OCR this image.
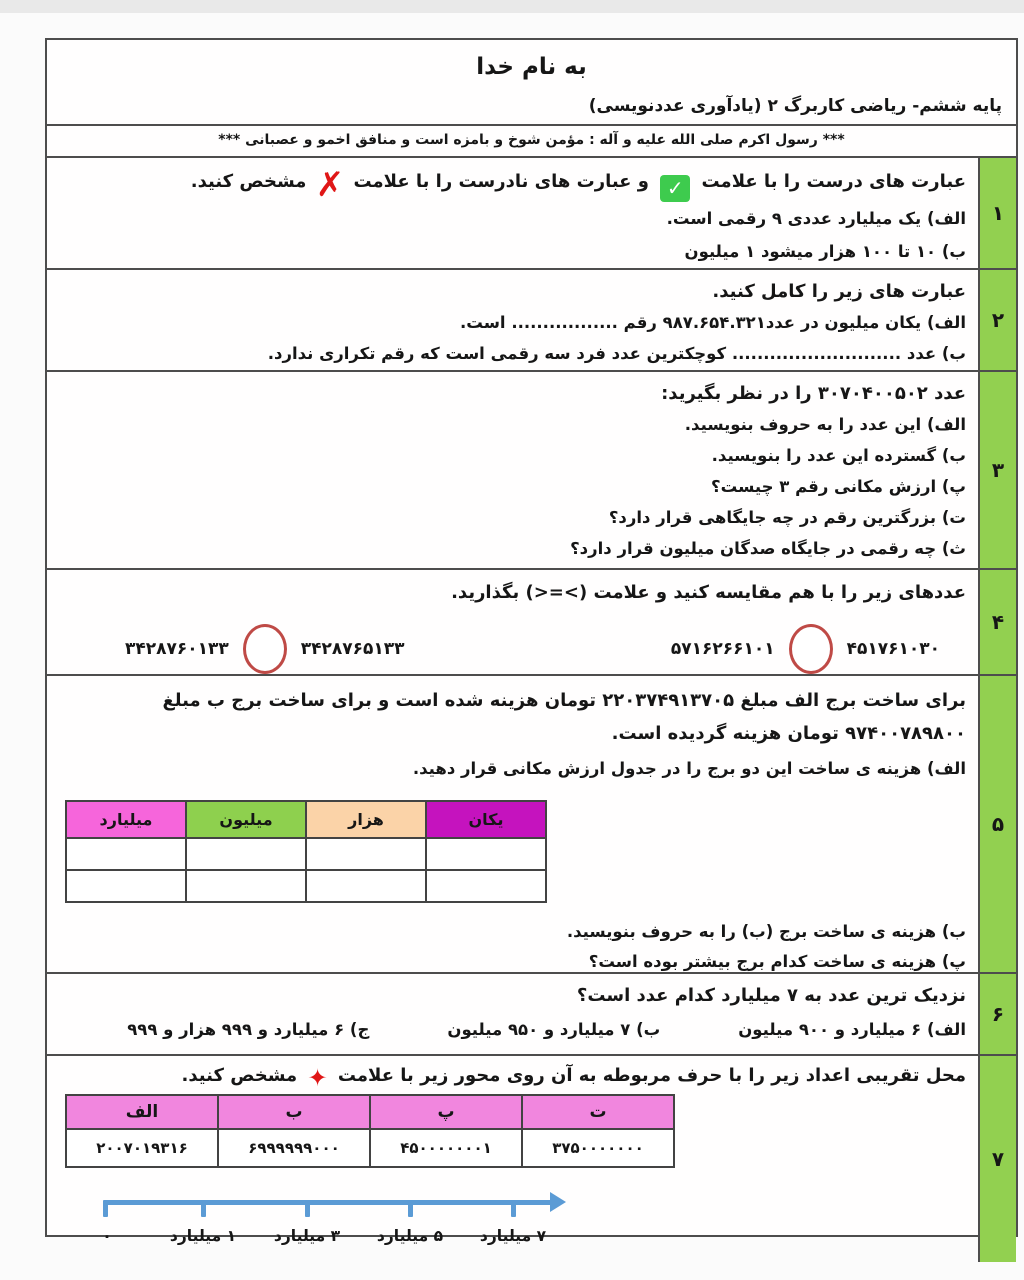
به نام خدا
پایه ششم- ریاضی کاربرگ ۲ (یادآوری عددنویسی)
*** رسول اکرم صلی الله علیه و آله : مؤمن شوخ و بامزه است و منافق اخمو و عصبانی ***
۱
عبارت های درست را با علامت ✓ و عبارت های نادرست را با علامت ✗ مشخص کنید.
الف) یک میلیارد عددی ۹ رقمی است.
ب) ۱۰ تا ۱۰۰ هزار میشود ۱ میلیون
۲
عبارت های زیر را کامل کنید.
الف) یکان میلیون در عدد۹۸۷.۶۵۴.۳۲۱ رقم ................. است.
ب) عدد ........................... کوچکترین عدد فرد سه رقمی است که رقم تکراری ندارد.
۳
عدد ۳۰۷۰۴۰۰۵۰۲ را در نظر بگیرید:
الف) این عدد را به حروف بنویسید.
ب) گسترده این عدد را بنویسید.
پ) ارزش مکانی رقم ۳ چیست؟
ت) بزرگترین رقم در چه جایگاهی قرار دارد؟
ث) چه رقمی در جایگاه صدگان میلیون قرار دارد؟
۴
عددهای زیر را با هم مقایسه کنید و علامت (>=<) بگذارید.
۴۵۱۷۶۱۰۳۰
۵۷۱۶۲۶۶۱۰۱
۳۴۲۸۷۶۵۱۳۳
۳۴۲۸۷۶۰۱۳۳
۵
برای ساخت برج الف مبلغ ۲۲۰۳۷۴۹۱۳۷۰۵ تومان هزینه شده است و برای ساخت برج ب مبلغ ۹۷۴۰۰۷۸۹۸۰۰ تومان هزینه گردیده است.
الف) هزینه ی ساخت این دو برج را در جدول ارزش مکانی قرار دهید.
یکان	هزار	میلیون	میلیارد

ب) هزینه ی ساخت برج (ب) را به حروف بنویسید.
پ) هزینه ی ساخت کدام برج بیشتر بوده است؟
۶
نزدیک ترین عدد به ۷ میلیارد کدام عدد است؟
الف) ۶ میلیارد و ۹۰۰ میلیون
ب) ۷ میلیارد و ۹۵۰ میلیون
ج) ۶ میلیارد و ۹۹۹ هزار و ۹۹۹
۷
محل تقریبی اعداد زیر را با حرف مربوطه به آن روی محور زیر با علامت ✦ مشخص کنید.
ت	پ	ب	الف
۳۷۵۰۰۰۰۰۰۰	۴۵۰۰۰۰۰۰۰۱	۶۹۹۹۹۹۹۰۰۰	۲۰۰۷۰۱۹۳۱۶
۰	۱ میلیارد ۳ میلیارد ۵ میلیارد ۷ میلیارد
